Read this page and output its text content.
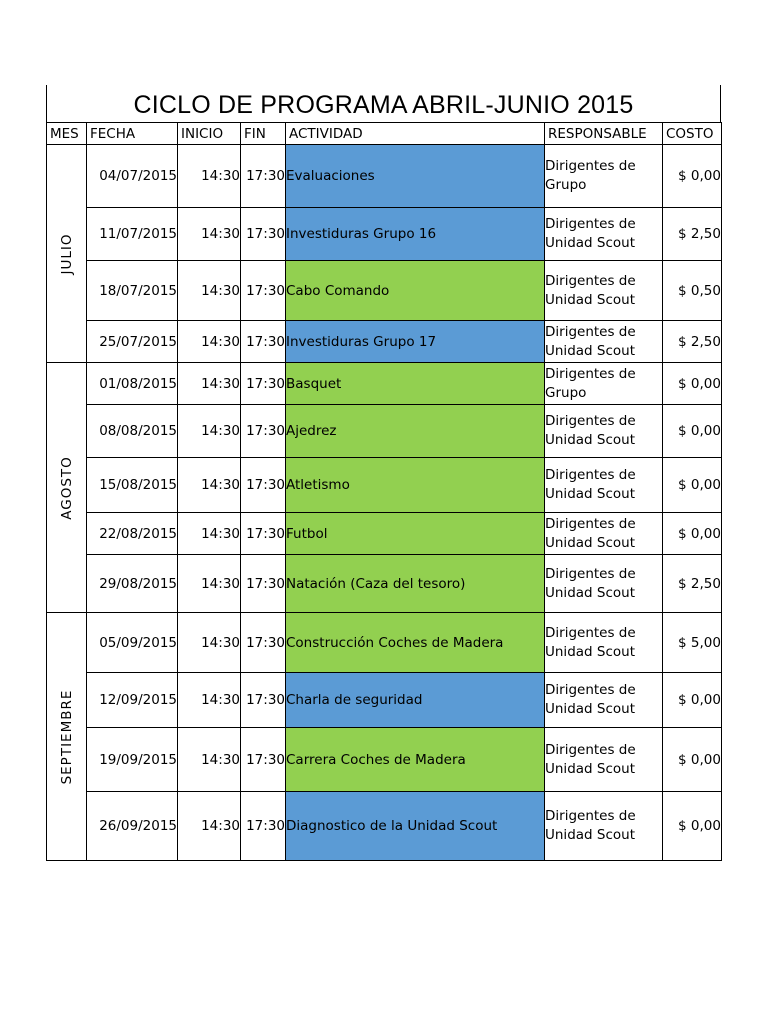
CICLO DE PROGRAMA ABRIL-JUNIO 2015
MES	FECHA	INICIO	FIN	ACTIVIDAD	RESPONSABLE	COSTO

JULIO	04/07/2015	14:30	17:30	Evaluaciones	Dirigentes de
Grupo	$ 0,00
	11/07/2015	14:30	17:30	Investiduras Grupo 16	Dirigentes de
Unidad Scout	$ 2,50
	18/07/2015	14:30	17:30	Cabo Comando	Dirigentes de
Unidad Scout	$ 0,50
	25/07/2015	14:30	17:30	Investiduras Grupo 17	Dirigentes de
Unidad Scout	$ 2,50

AGOSTO	01/08/2015	14:30	17:30	Basquet	Dirigentes de
Grupo	$ 0,00
	08/08/2015	14:30	17:30	Ajedrez	Dirigentes de
Unidad Scout	$ 0,00
	15/08/2015	14:30	17:30	Atletismo	Dirigentes de
Unidad Scout	$ 0,00
	22/08/2015	14:30	17:30	Futbol	Dirigentes de
Unidad Scout	$ 0,00
	29/08/2015	14:30	17:30	Natación (Caza del tesoro)	Dirigentes de
Unidad Scout	$ 2,50

SEPTIEMBRE	05/09/2015	14:30	17:30	Construcción Coches de Madera	Dirigentes de
Unidad Scout	$ 5,00
	12/09/2015	14:30	17:30	Charla de seguridad	Dirigentes de
Unidad Scout	$ 0,00
	19/09/2015	14:30	17:30	Carrera Coches de Madera	Dirigentes de
Unidad Scout	$ 0,00
	26/09/2015	14:30	17:30	Diagnostico de la Unidad Scout	Dirigentes de
Unidad Scout	$ 0,00
